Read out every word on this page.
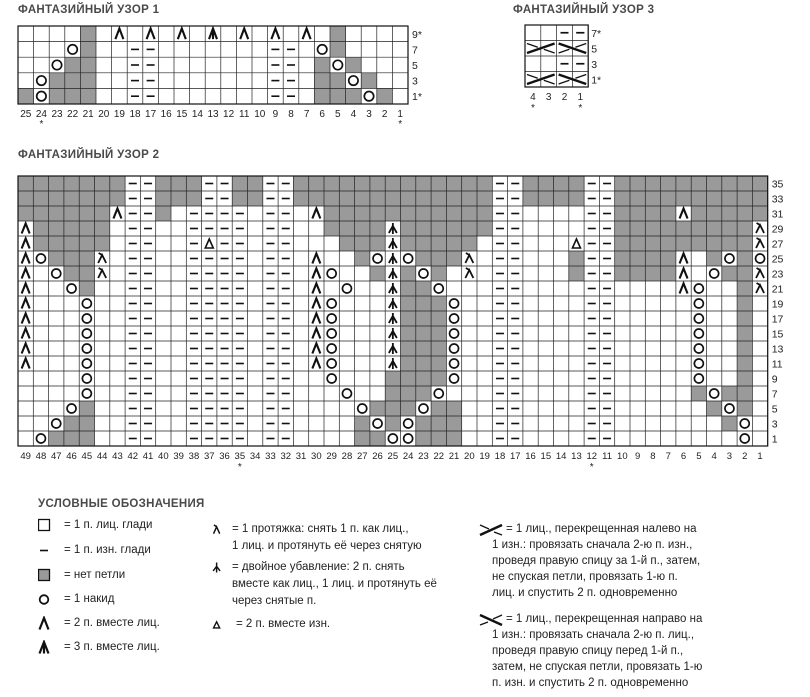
ФАНТАЗИЙНЫЙ УЗОР 1	ФАНТАЗИЙНЫЙ УЗОР 3
ФАНТАЗИЙНЫЙ УЗОР 2
УСЛОВНЫЕ ОБОЗНАЧЕНИЯ
9*
7
5
3
1*
25 24
*
23 22 21 20 19 18 17 16 15 14 13 12 11 10 9 8 7 6 5 4 3 2 1
*
7*
5
3
1*
4
*
3 2 1
*
35
33
31
29
27
25
23
21
19
17
15
13
11
9
7
5
3
1
49 48 47 46 45 44 43 42 41 40 39 38 37 36 35
*
34 33 32 31 30 29 28 27 26 25 24 23 22 21 20 19 18 17 16 15 14 13 12
*
11 10 9 8 7 6 5 4 3 2 1
= 1 п. лиц. глади
= 1 п. изн. глади
= нет петли
= 1 накид
= 2 п. вместе лиц.
= 3 п. вместе лиц.
= 1 протяжка: снять 1 п. как лиц.,
1 лиц. и протянуть её через снятую
= двойное убавление: 2 п. снять
вместе как лиц., 1 лиц. и протянуть её
через снятые п.
= 2 п. вместе изн.
= 1 лиц., перекрещенная налево на
1 изн.: провязать сначала 2-ю п. изн.,
проведя правую спицу за 1-й п., затем,
не спуская петли, провязать 1-ю п.
лиц. и спустить 2 п. одновременно
= 1 лиц., перекрещенная направо на
1 изн.: провязать сначала 2-ю п. лиц.,
проведя правую спицу перед 1-й п.,
затем, не спуская петли, провязать 1-ю
п. изн. и спустить 2 п. одновременно
